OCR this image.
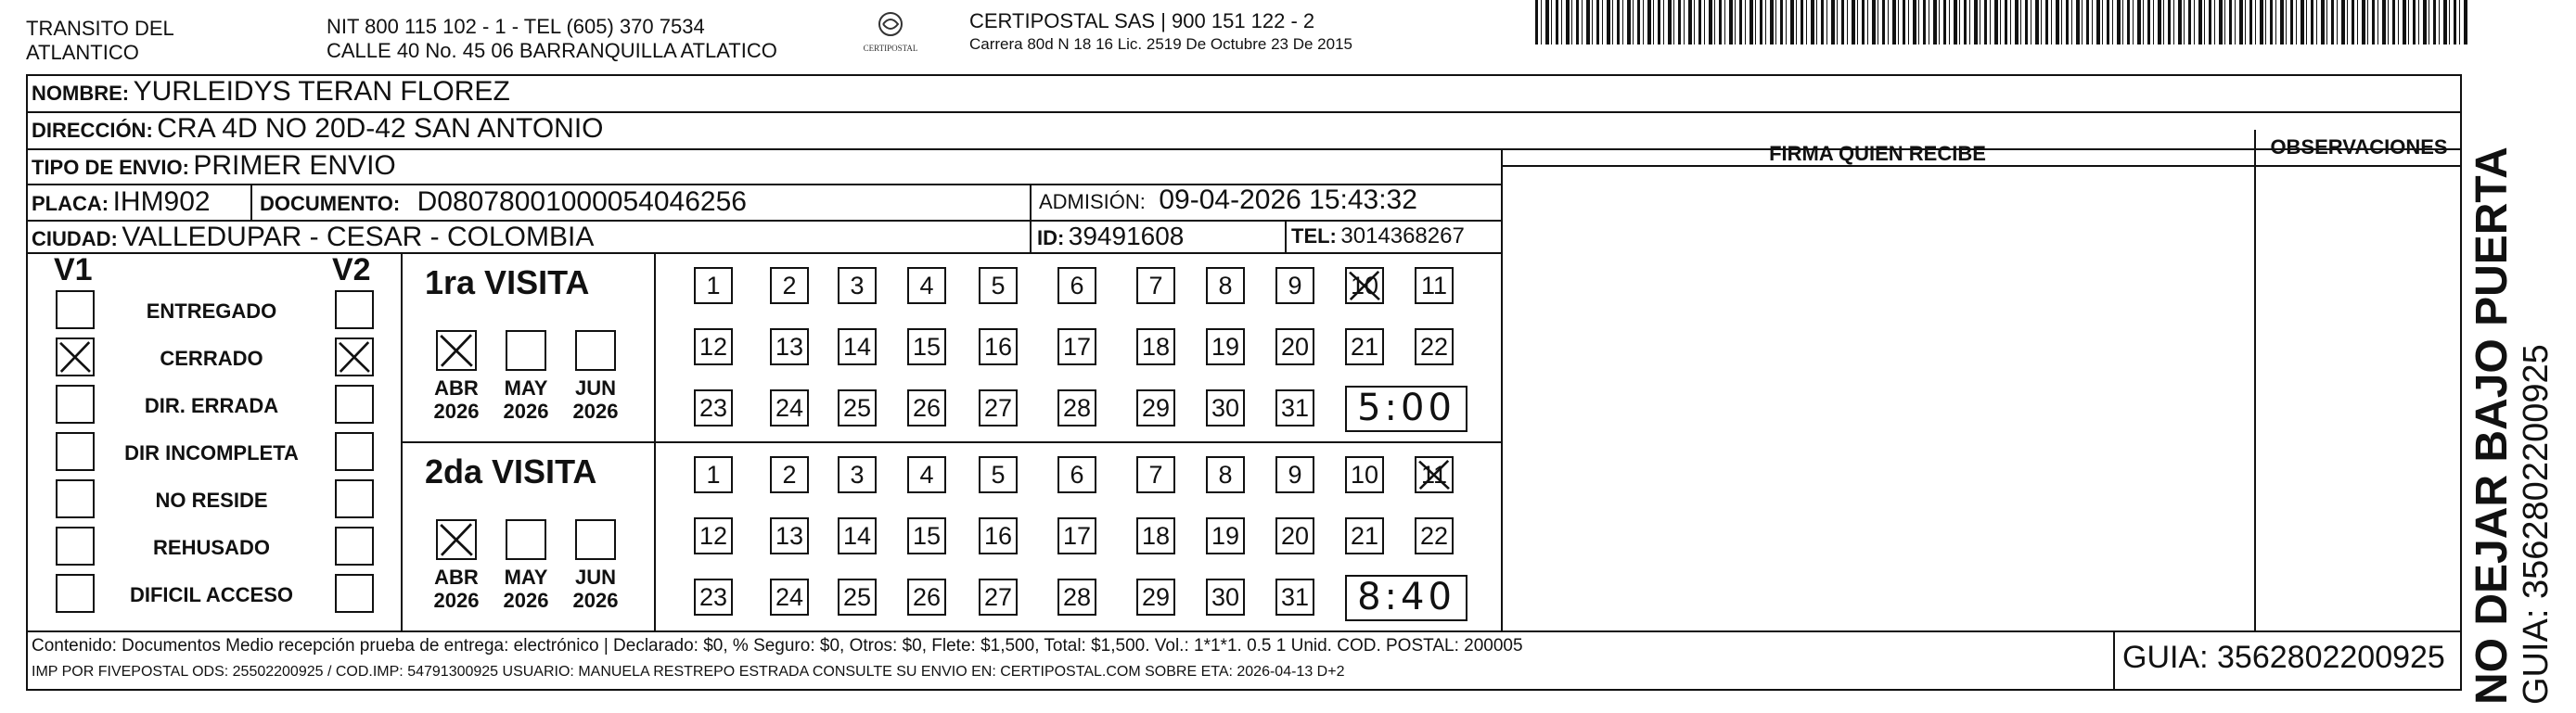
TRANSITO DEL
ATLANTICO
NIT 800 115 102 - 1 - TEL (605) 370 7534
CALLE 40 No. 45 06 BARRANQUILLA ATLATICO	CERTIPOSTAL
CERTIPOSTAL SAS | 900 151 122 - 2
Carrera 80d N 18 16 Lic. 2519 De Octubre 23 De 2015
NOMBRE: YURLEIDYS TERAN FLOREZ
DIRECCIÓN: CRA 4D NO 20D-42 SAN ANTONIO
TIPO DE ENVIO: PRIMER ENVIO
PLACA: IHM902 DOCUMENTO: D08078001000054046256	ADMISIÓN: 09-04-2026 15:43:32
CIUDAD: VALLEDUPAR - CESAR - COLOMBIA	ID: 39491608	TEL: 3014368267
FIRMA QUIEN RECIBE	OBSERVACIONES
V1	V2
ENTREGADO
CERRADO
DIR. ERRADA
DIR INCOMPLETA
NO RESIDE
REHUSADO
DIFICIL ACCESO
1ra VISITA
ABR
2026
MAY
2026
JUN
2026
1	2	3	4	5	6	7	8	9	10 11
12 13 14 15 16 17 18 19 20 21 22
23 24 25 26 27 28 29 30 31	5:00
2da VISITA
ABR
2026
MAY
2026
JUN
2026
1	2	3	4	5	6	7	8	9	10 11
12 13 14 15 16 17 18 19 20 21 22
23 24 25 26 27 28 29 30 31	8:40
Contenido: Documentos Medio recepción prueba de entrega: electrónico | Declarado: $0, % Seguro: $0, Otros: $0, Flete: $1,500, Total: $1,500. Vol.: 1*1*1. 0.5 1 Unid. COD. POSTAL: 200005
IMP POR FIVEPOSTAL ODS: 25502200925 / COD.IMP: 54791300925 USUARIO: MANUELA RESTREPO ESTRADA CONSULTE SU ENVIO EN: CERTIPOSTAL.COM SOBRE ETA: 2026-04-13 D+2	GUIA: 3562802200925 NO DEJAR BAJO PUERTA GUIA: 3562802200925
